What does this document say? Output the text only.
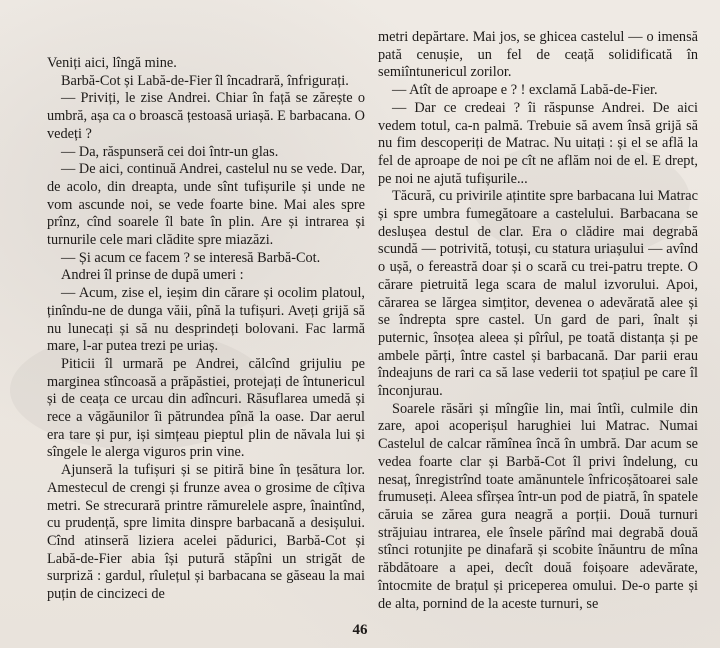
Veniți aici, lîngă mine.

Barbă-Cot și Labă-de-Fier îl încadrară, înfrigurați.

— Priviți, le zise Andrei. Chiar în față se zărește o umbră, așa ca o broască țestoasă uriașă. E barbacana. O vedeți ?

— Da, răspunseră cei doi într-un glas.

— De aici, continuă Andrei, castelul nu se vede. Dar, de acolo, din dreapta, unde sînt tufișurile și unde ne vom ascunde noi, se vede foarte bine. Mai ales spre prînz, cînd soarele îl bate în plin. Are și intrarea și turnurile cele mari clădite spre miazăzi.

— Și acum ce facem ? se interesă Barbă-Cot.

Andrei îl prinse de după umeri :

— Acum, zise el, ieșim din cărare și ocolim platoul, ținîndu-ne de dunga văii, pînă la tufișuri. Aveți grijă să nu lunecați și să nu desprindeți bolovani. Fac larmă mare, l-ar putea trezi pe uriaș.

Piticii îl urmară pe Andrei, călcînd grijuliu pe marginea stîncoasă a prăpăstiei, protejați de întunericul și de ceața ce urcau din adîncuri. Răsuflarea umedă și rece a văgăunilor îi pătrundea pînă la oase. Dar aerul era tare și pur, iși simțeau pieptul plin de năvala lui și sîngele le alerga viguros prin vine.

Ajunseră la tufișuri și se pitiră bine în țesătura lor. Amestecul de crengi și frunze avea o grosime de cîțiva metri. Se strecurară printre rămurelele aspre, înaintînd, cu prudență, spre limita dinspre barbacană a desișului. Cînd atinseră liziera acelei pădurici, Barbă-Cot și Labă-de-Fier abia își putură stăpîni un strigăt de surpriză : gardul, rîulețul și barbacana se găseau la mai puțin de cincizeci de

metri depărtare. Mai jos, se ghicea castelul — o imensă pată cenușie, un fel de ceață solidificată în semiîntunericul zorilor.

— Atît de aproape e ? ! exclamă Labă-de-Fier.

— Dar ce credeai ? îi răspunse Andrei. De aici vedem totul, ca-n palmă. Trebuie să avem însă grijă să nu fim descoperiți de Matrac. Nu uitați : și el se află la fel de aproape de noi pe cît ne aflăm noi de el. E drept, pe noi ne ajută tufișurile...

Tăcură, cu privirile ațintite spre barbacana lui Matrac și spre umbra fumegătoare a castelului. Barbacana se deslușea destul de clar. Era o clădire mai degrabă scundă — potrivită, totuși, cu statura uriașului — avînd o ușă, o fereastră doar și o scară cu trei-patru trepte. O cărare pietruită lega scara de malul izvorului. Apoi, cărarea se lărgea simțitor, devenea o adevărată alee și se îndrepta spre castel. Un gard de pari, înalt și puternic, însoțea aleea și pîrîul, pe toată distanța și pe ambele părți, între castel și barbacană. Dar parii erau îndeajuns de rari ca să lase vederii tot spațiul pe care îl înconjurau.

Soarele răsări și mîngîie lin, mai întîi, culmile din zare, apoi acoperișul harughiei lui Matrac. Numai Castelul de calcar rămînea încă în umbră. Dar acum se vedea foarte clar și Barbă-Cot îl privi îndelung, cu nesaț, înregistrînd toate amănuntele înfricoșătoarei sale frumuseți. Aleea sfîrșea într-un pod de piatră, în spatele căruia se zărea gura neagră a porții. Două turnuri străjuiau intrarea, ele însele părînd mai degrabă două stînci rotunjite pe dinafară și scobite înăuntru de mîna răbdătoare a apei, decît două foișoare adevărate, întocmite de brațul și priceperea omului. De-o parte și de alta, pornind de la aceste turnuri, se

46
